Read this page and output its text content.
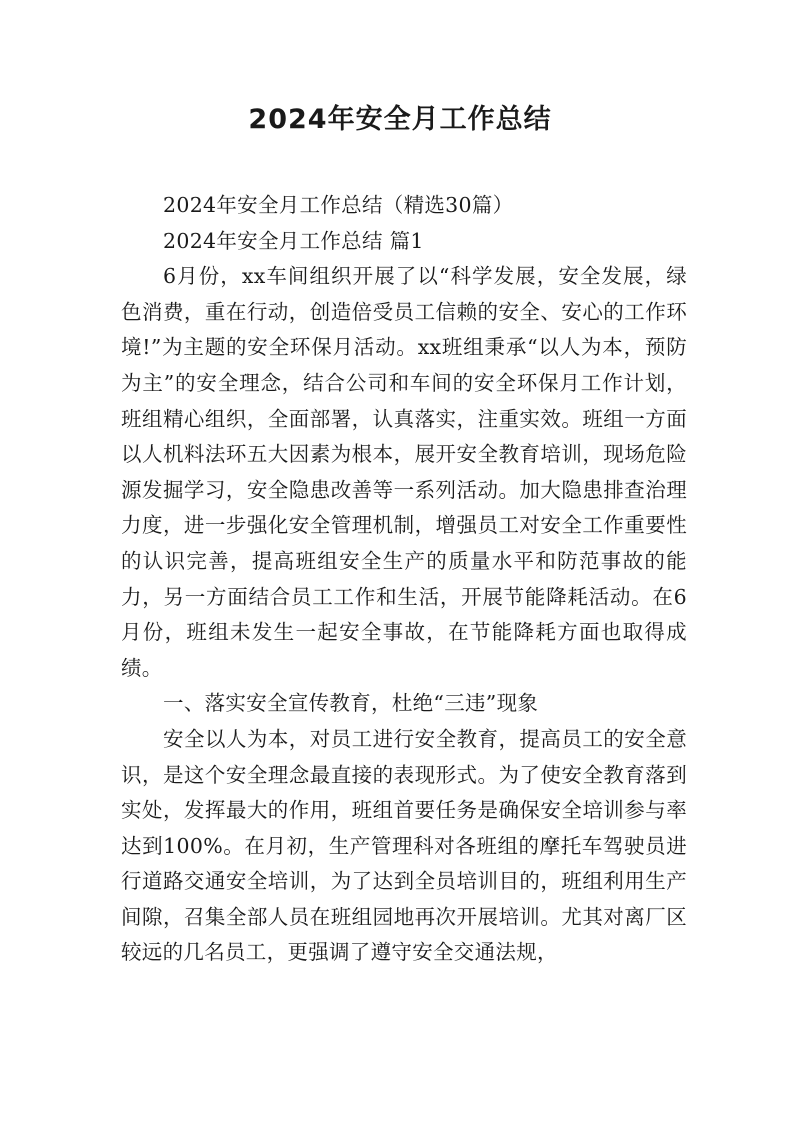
2024年安全月工作总结

2024年安全月工作总结（精选30篇）

2024年安全月工作总结 篇1

6月份，xx车间组织开展了以“科学发展，安全发展，绿色消费，重在行动，创造倍受员工信赖的安全、安心的工作环境!”为主题的安全环保月活动。xx班组秉承“以人为本，预防为主”的安全理念，结合公司和车间的安全环保月工作计划，班组精心组织，全面部署，认真落实，注重实效。班组一方面以人机料法环五大因素为根本，展开安全教育培训，现场危险源发掘学习，安全隐患改善等一系列活动。加大隐患排查治理力度，进一步强化安全管理机制，增强员工对安全工作重要性的认识完善，提高班组安全生产的质量水平和防范事故的能力，另一方面结合员工工作和生活，开展节能降耗活动。在6月份，班组未发生一起安全事故，在节能降耗方面也取得成绩。

一、落实安全宣传教育，杜绝“三违”现象

安全以人为本，对员工进行安全教育，提高员工的安全意识，是这个安全理念最直接的表现形式。为了使安全教育落到实处，发挥最大的作用，班组首要任务是确保安全培训参与率达到100%。在月初，生产管理科对各班组的摩托车驾驶员进行道路交通安全培训，为了达到全员培训目的，班组利用生产间隙，召集全部人员在班组园地再次开展培训。尤其对离厂区较远的几名员工，更强调了遵守安全交通法规，
